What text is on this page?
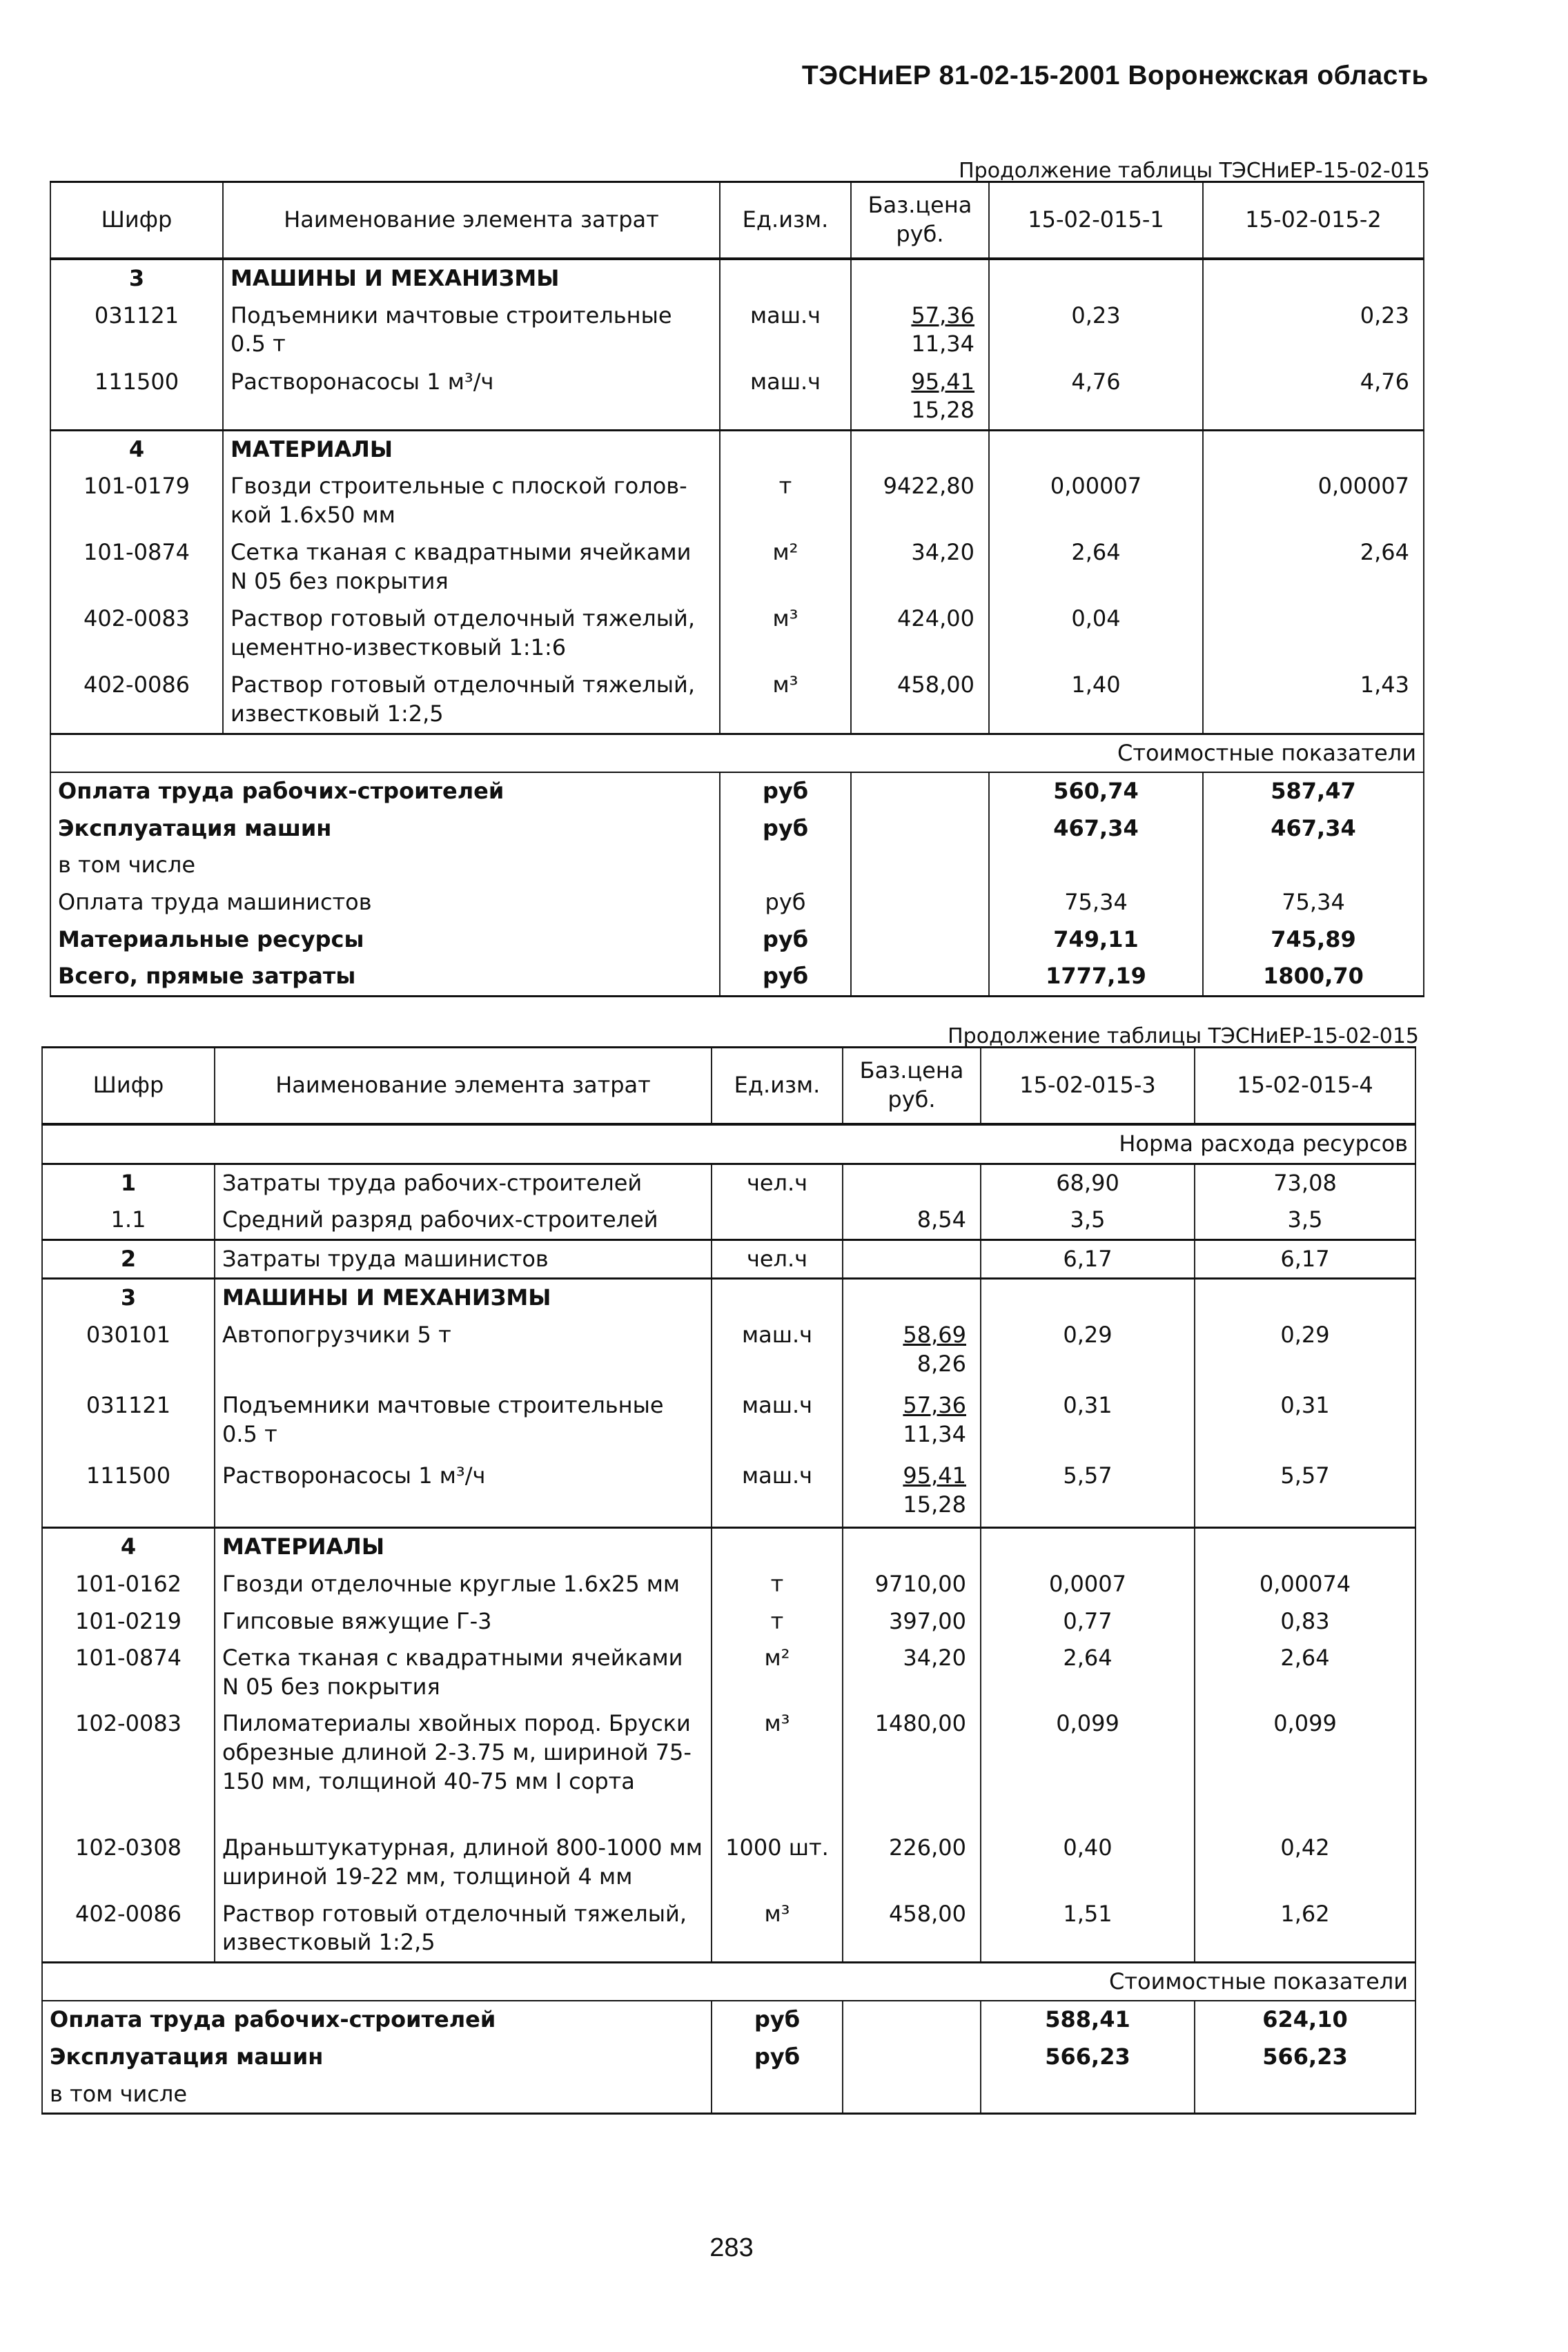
ТЭСНиЕР 81-02-15-2001 Воронежская область
Продолжение таблицы ТЭСНиЕР-15-02-015
Шифр	Наименование элемента затрат	Ед.изм.	Баз.цена руб.	15-02-015-1	15-02-015-2
3	МАШИНЫ И МЕХАНИЗМЫ				
031121	Подъемники мачтовые строительные 0.5 т	маш.ч	$\frac{57,36}{11,34}$	0,23	0,23
111500	Растворонасосы 1 м³/ч	маш.ч	$\frac{95,41}{15,28}$	4,76	4,76
4	МАТЕРИАЛЫ				
101-0179	Гвозди строительные с плоской голов-кой 1.6х50 мм	т	9422,80	0,00007	0,00007
101-0874	Сетка тканая с квадратными ячейками N 05 без покрытия	м²	34,20	2,64	2,64
402-0083	Раствор готовый отделочный тяжелый, цементно-известковый 1:1:6	м³	424,00	0,04	
402-0086	Раствор готовый отделочный тяжелый, известковый 1:2,5	м³	458,00	1,40	1,43
Стоимостные показатели					
Оплата труда рабочих-строителей		руб		560,74	587,47
Эксплуатация машин		руб		467,34	467,34
в том числе					
Оплата труда машинистов		руб		75,34	75,34
Материальные ресурсы		руб		749,11	745,89
Всего, прямые затраты		руб		1777,19	1800,70
Продолжение таблицы ТЭСНиЕР-15-02-015
Шифр	Наименование элемента затрат	Ед.изм.	Баз.цена руб.	15-02-015-3	15-02-015-4
Норма расхода ресурсов					
1	Затраты труда рабочих-строителей	чел.ч		68,90	73,08
1.1	Средний разряд рабочих-строителей		8,54	3,5	3,5
2	Затраты труда машинистов	чел.ч		6,17	6,17
3	МАШИНЫ И МЕХАНИЗМЫ				
030101	Автопогрузчики 5 т	маш.ч	$\frac{58,69}{8,26}$	0,29	0,29
031121	Подъемники мачтовые строительные 0.5 т	маш.ч	$\frac{57,36}{11,34}$	0,31	0,31
111500	Растворонасосы 1 м³/ч	маш.ч	$\frac{95,41}{15,28}$	5,57	5,57
4	МАТЕРИАЛЫ				
101-0162	Гвозди отделочные круглые 1.6х25 мм	т	9710,00	0,0007	0,00074
101-0219	Гипсовые вяжущие Г-3	т	397,00	0,77	0,83
101-0874	Сетка тканая с квадратными ячейками N 05 без покрытия	м²	34,20	2,64	2,64
102-0083	Пиломатериалы хвойных пород. Бруски обрезные длиной 2-3.75 м, шириной 75-150 мм, толщиной 40-75 мм I сорта	м³	1480,00	0,099	0,099
102-0308	Драньштукатурная, длиной 800-1000 мм шириной 19-22 мм, толщиной 4 мм	1000 шт.	226,00	0,40	0,42
402-0086	Раствор готовый отделочный тяжелый, известковый 1:2,5	м³	458,00	1,51	1,62
Стоимостные показатели					
Оплата труда рабочих-строителей		руб		588,41	624,10
Эксплуатация машин		руб		566,23	566,23
в том числе					
283
